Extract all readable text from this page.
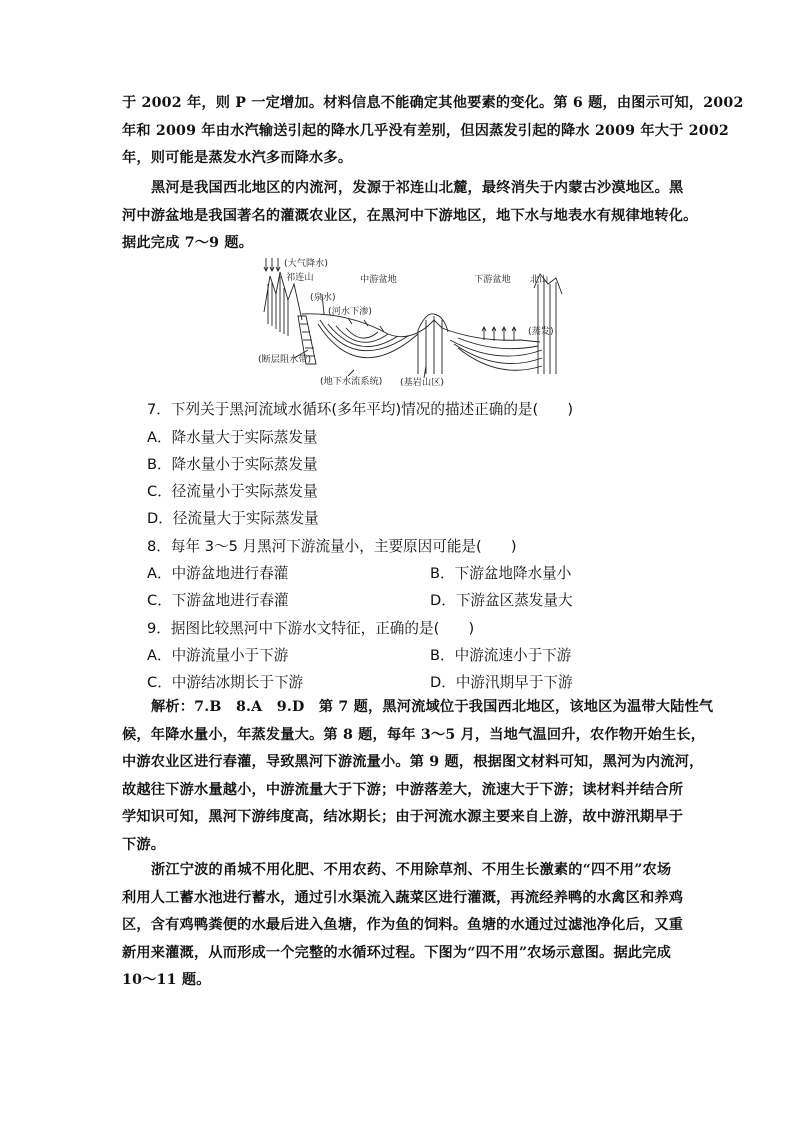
于 2002 年，则 P 一定增加。材料信息不能确定其他要素的变化。第 6 题，由图示可知，2002
年和 2009 年由水汽输送引起的降水几乎没有差别，但因蒸发引起的降水 2009 年大于 2002
年，则可能是蒸发水汽多而降水多。
黑河是我国西北地区的内流河，发源于祁连山北麓，最终消失于内蒙古沙漠地区。黑
河中游盆地是我国著名的灌溉农业区，在黑河中下游地区，地下水与地表水有规律地转化。
据此完成 7～9 题。
(大气降水)
祁连山	中游盆地	下游盆地 北山
(泉水)
(河水下渗)
(蒸发)
(断层阻水带)
(地下水流系统) (基岩山区)
7．下列关于黑河流域水循环(多年平均)情况的描述正确的是(　　)
A．降水量大于实际蒸发量
B．降水量小于实际蒸发量
C．径流量小于实际蒸发量
D．径流量大于实际蒸发量
8．每年 3～5 月黑河下游流量小，主要原因可能是(　　)
A．中游盆地进行春灌	B．下游盆地降水量小
C．下游盆地进行春灌	D．下游盆区蒸发量大
9．据图比较黑河中下游水文特征，正确的是(　　)
A．中游流量小于下游	B．中游流速小于下游
C．中游结冰期长于下游	D．中游汛期早于下游
解析：7.B　8.A　9.D　第 7 题，黑河流域位于我国西北地区，该地区为温带大陆性气
候，年降水量小，年蒸发量大。第 8 题，每年 3～5 月，当地气温回升，农作物开始生长，
中游农业区进行春灌，导致黑河下游流量小。第 9 题，根据图文材料可知，黑河为内流河，
故越往下游水量越小，中游流量大于下游；中游落差大，流速大于下游；读材料并结合所
学知识可知，黑河下游纬度高，结冰期长；由于河流水源主要来自上游，故中游汛期早于
下游。
浙江宁波的甬城不用化肥、不用农药、不用除草剂、不用生长激素的“四不用”农场
利用人工蓄水池进行蓄水，通过引水渠流入蔬菜区进行灌溉，再流经养鸭的水禽区和养鸡
区，含有鸡鸭粪便的水最后进入鱼塘，作为鱼的饲料。鱼塘的水通过过滤池净化后，又重
新用来灌溉，从而形成一个完整的水循环过程。下图为“四不用”农场示意图。据此完成
10～11 题。
